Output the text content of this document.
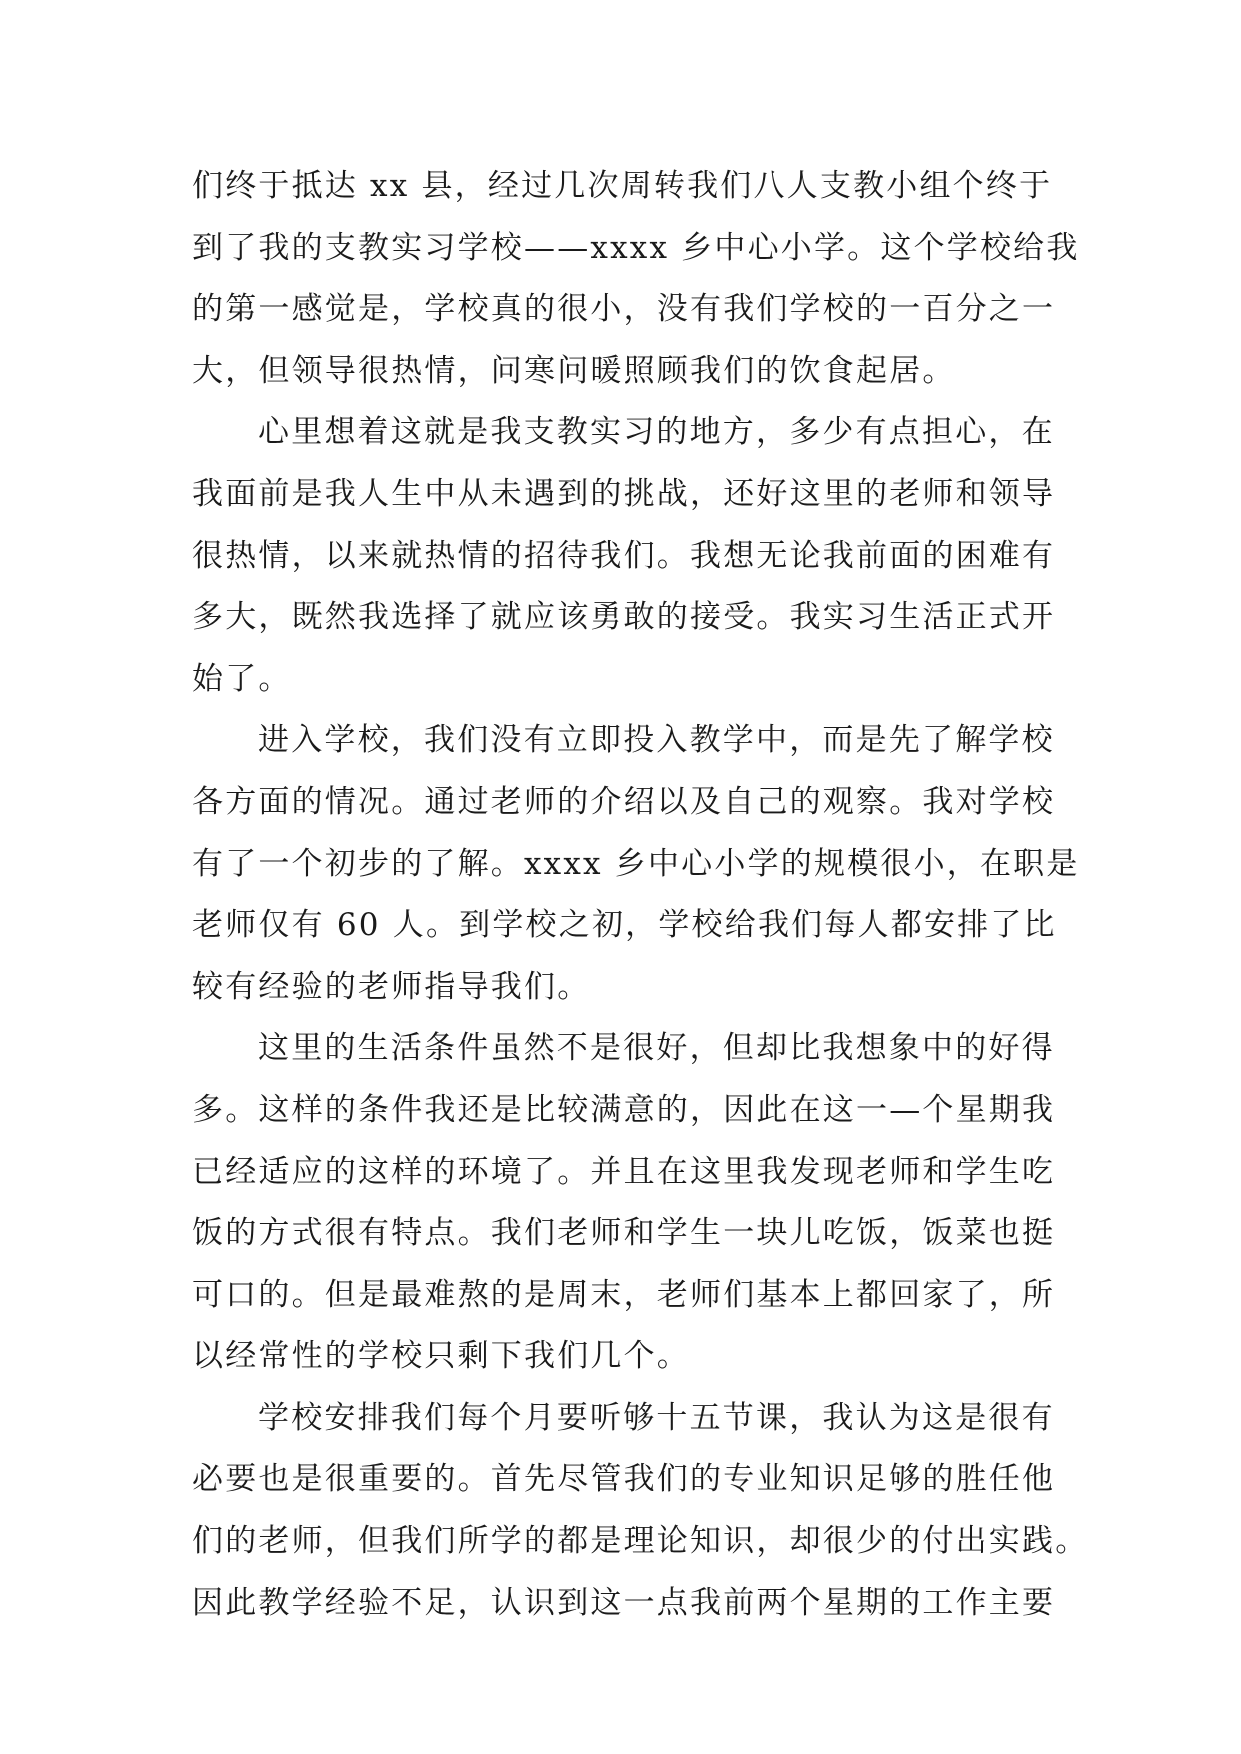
们终于抵达 xx 县，经过几次周转我们八人支教小组个终于
到了我的支教实习学校——xxxx 乡中心小学。这个学校给我
的第一感觉是，学校真的很小，没有我们学校的一百分之一
大，但领导很热情，问寒问暖照顾我们的饮食起居。
心里想着这就是我支教实习的地方，多少有点担心，在
我面前是我人生中从未遇到的挑战，还好这里的老师和领导
很热情，以来就热情的招待我们。我想无论我前面的困难有
多大，既然我选择了就应该勇敢的接受。我实习生活正式开
始了。
进入学校，我们没有立即投入教学中，而是先了解学校
各方面的情况。通过老师的介绍以及自己的观察。我对学校
有了一个初步的了解。xxxx 乡中心小学的规模很小，在职是
老师仅有 60 人。到学校之初，学校给我们每人都安排了比
较有经验的老师指导我们。
这里的生活条件虽然不是很好，但却比我想象中的好得
多。这样的条件我还是比较满意的，因此在这一—个星期我
已经适应的这样的环境了。并且在这里我发现老师和学生吃
饭的方式很有特点。我们老师和学生一块儿吃饭，饭菜也挺
可口的。但是最难熬的是周末，老师们基本上都回家了，所
以经常性的学校只剩下我们几个。
学校安排我们每个月要听够十五节课，我认为这是很有
必要也是很重要的。首先尽管我们的专业知识足够的胜任他
们的老师，但我们所学的都是理论知识，却很少的付出实践。
因此教学经验不足，认识到这一点我前两个星期的工作主要
